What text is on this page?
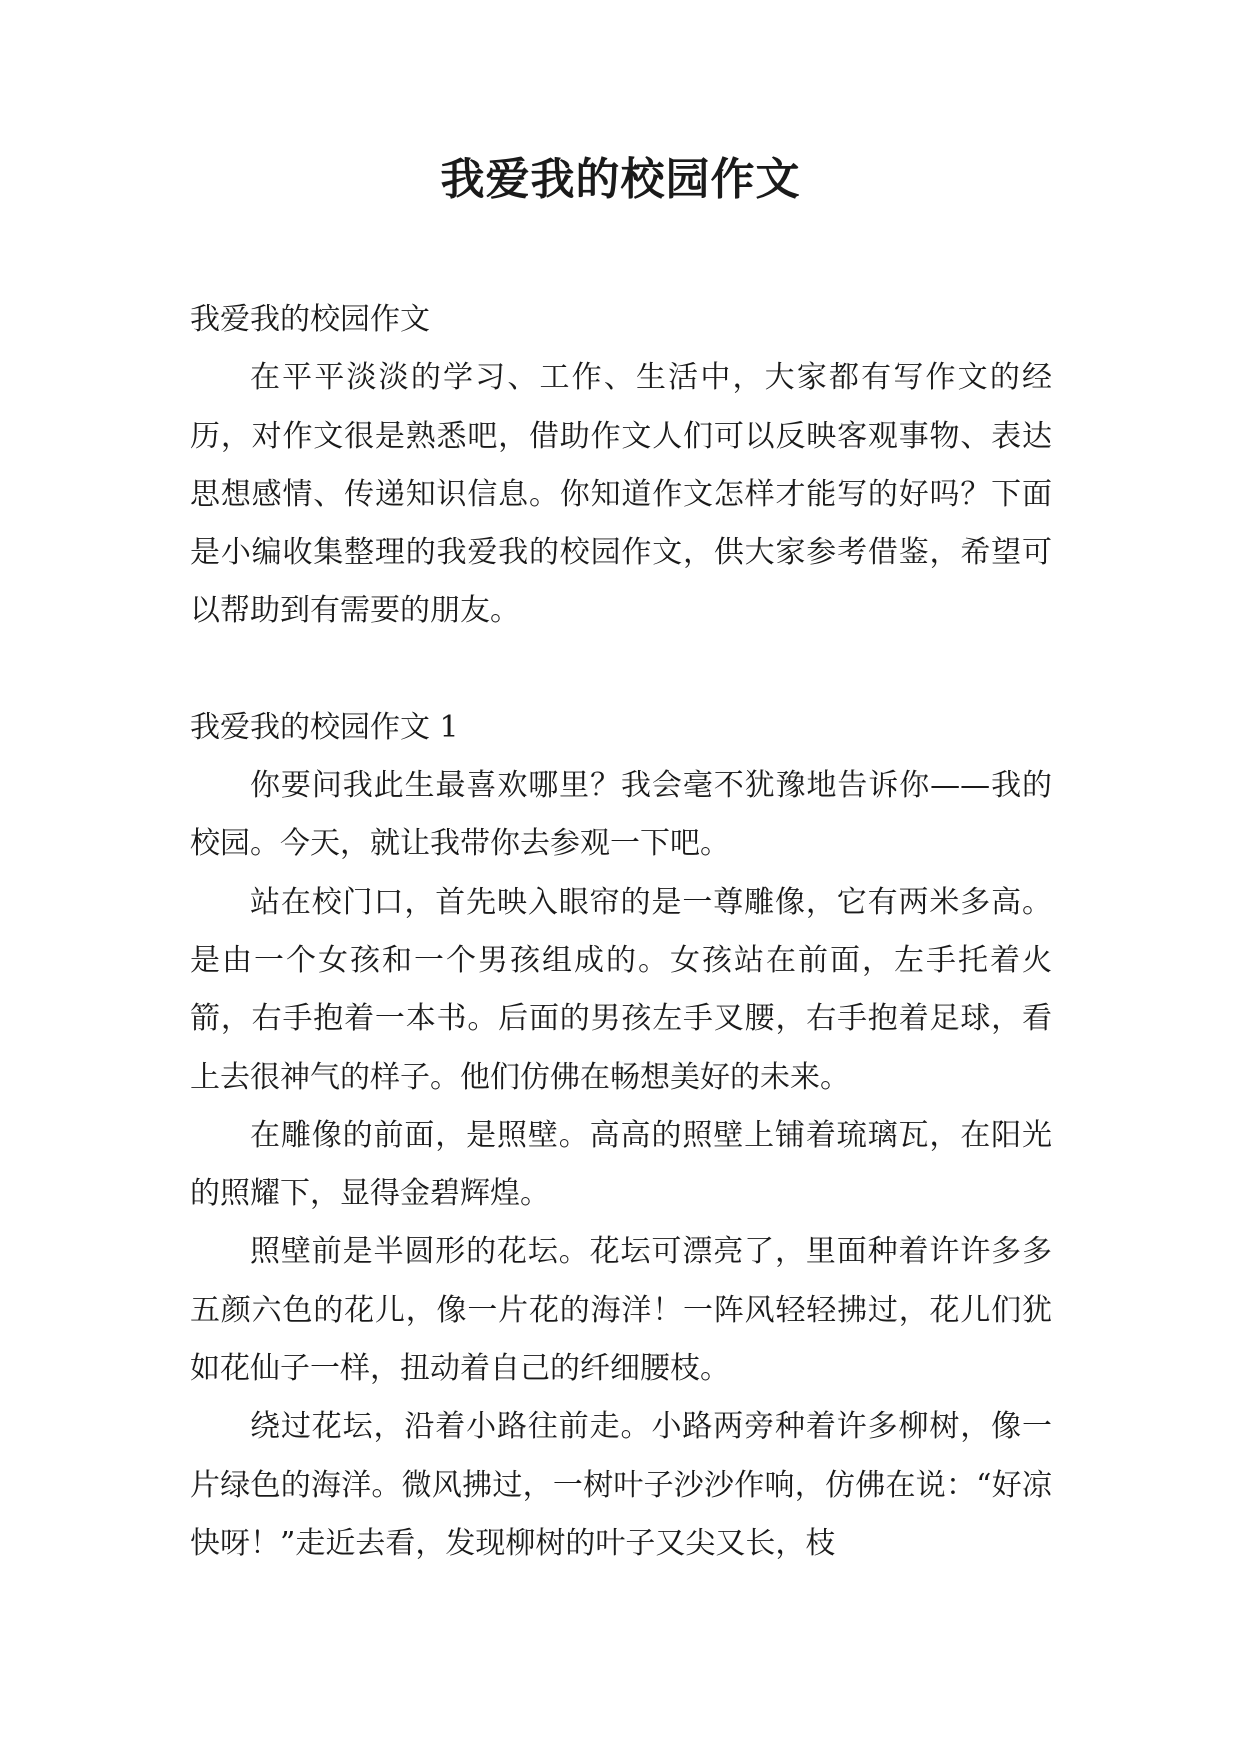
我爱我的校园作文

我爱我的校园作文

在平平淡淡的学习、工作、生活中，大家都有写作文的经历，对作文很是熟悉吧，借助作文人们可以反映客观事物、表达思想感情、传递知识信息。你知道作文怎样才能写的好吗？下面是小编收集整理的我爱我的校园作文，供大家参考借鉴，希望可以帮助到有需要的朋友。

我爱我的校园作文 1

你要问我此生最喜欢哪里？我会毫不犹豫地告诉你——我的校园。今天，就让我带你去参观一下吧。

站在校门口，首先映入眼帘的是一尊雕像，它有两米多高。是由一个女孩和一个男孩组成的。女孩站在前面，左手托着火箭，右手抱着一本书。后面的男孩左手叉腰，右手抱着足球，看上去很神气的样子。他们仿佛在畅想美好的未来。

在雕像的前面，是照壁。高高的照壁上铺着琉璃瓦，在阳光的照耀下，显得金碧辉煌。

照壁前是半圆形的花坛。花坛可漂亮了，里面种着许许多多五颜六色的花儿，像一片花的海洋！一阵风轻轻拂过，花儿们犹如花仙子一样，扭动着自己的纤细腰枝。

绕过花坛，沿着小路往前走。小路两旁种着许多柳树，像一片绿色的海洋。微风拂过，一树叶子沙沙作响，仿佛在说：“好凉快呀！”走近去看，发现柳树的叶子又尖又长，枝
